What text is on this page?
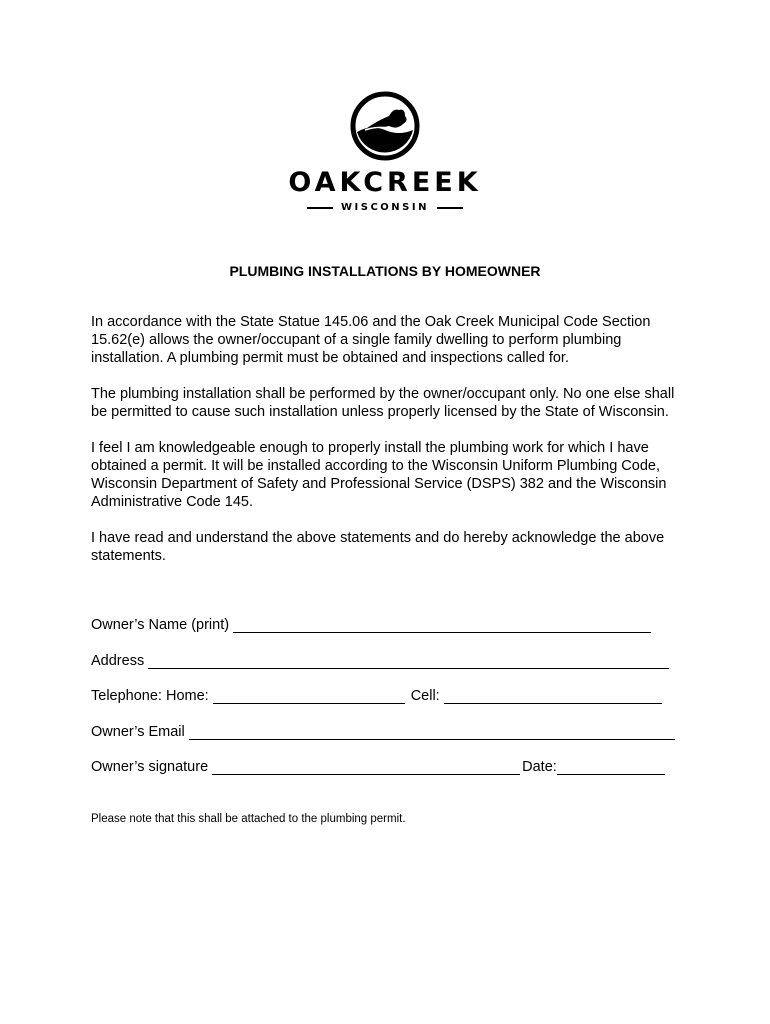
OAKCREEK
WISCONSIN
PLUMBING INSTALLATIONS BY HOMEOWNER

In accordance with the State Statue 145.06 and the Oak Creek Municipal Code Section 15.62(e) allows the owner/occupant of a single family dwelling to perform plumbing installation. A plumbing permit must be obtained and inspections called for.

The plumbing installation shall be performed by the owner/occupant only. No one else shall be permitted to cause such installation unless properly licensed by the State of Wisconsin.

I feel I am knowledgeable enough to properly install the plumbing work for which I have obtained a permit. It will be installed according to the Wisconsin Uniform Plumbing Code, Wisconsin Department of Safety and Professional Service (DSPS) 382 and the Wisconsin Administrative Code 145.

I have read and understand the above statements and do hereby acknowledge the above statements.

Owner’s Name (print)
Address
Telephone: Home:	Cell:
Owner’s Email
Owner’s signature	Date:
Please note that this shall be attached to the plumbing permit.
